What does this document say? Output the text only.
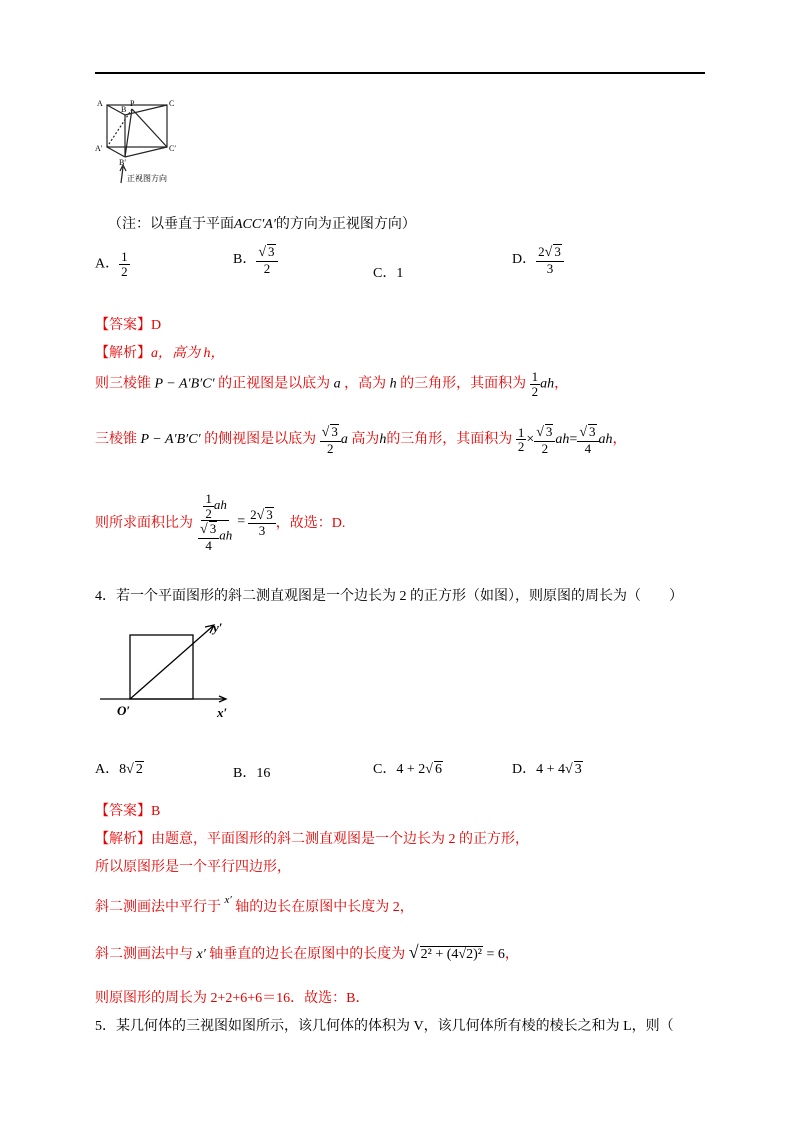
A
B
P	C
A′
B′
C′
正视图方向
（注：以垂直于平面ACC′A′的方向为正视图方向）
A． $\frac{1}{2}$	B． $\frac{√ 3}{2}$	C．1
D． $\frac{2√ 3}{3}$
【答案】D
【解析】a，高为 h，
则三棱锥 P − A′B′C′ 的正视图是以底为 a ，高为 h 的三角形，其面积为 $\frac{1}{2}$ ah，
三棱锥 P − A′B′C′ 的侧视图是以底为 $\frac{√ 3}{2}$ a 高为h的三角形，其面积为 $\frac{1}{2} \times \frac{√ 3}{2} ah= \frac{√ 3}{4}$ ah，
则所求面积比为 $\frac{\frac{1}{2} ah}{\frac{√ 3}{4} ah} = \frac{2√ 3}{3}$ ，故选：D.
4．若一个平面图形的斜二测直观图是一个边长为 2 的正方形（如图），则原图的周长为（　　）
y′
O′	x′
A．8√ 2	B．16	C．4 + 2√ 6	D．4 + 4√ 3
【答案】B
【解析】由题意，平面图形的斜二测直观图是一个边长为 2 的正方形，
所以原图形是一个平行四边形，
斜二测画法中平行于 $^{x'}$ 轴的边长在原图中长度为 2，
斜二测画法中与 x′ 轴垂直的边长在原图中的长度为 √ 2² + (4√2)² = 6，
则原图形的周长为 2+2+6+6＝16．故选：B．
5．某几何体的三视图如图所示，该几何体的体积为 V，该几何体所有棱的棱长之和为 L，则（
